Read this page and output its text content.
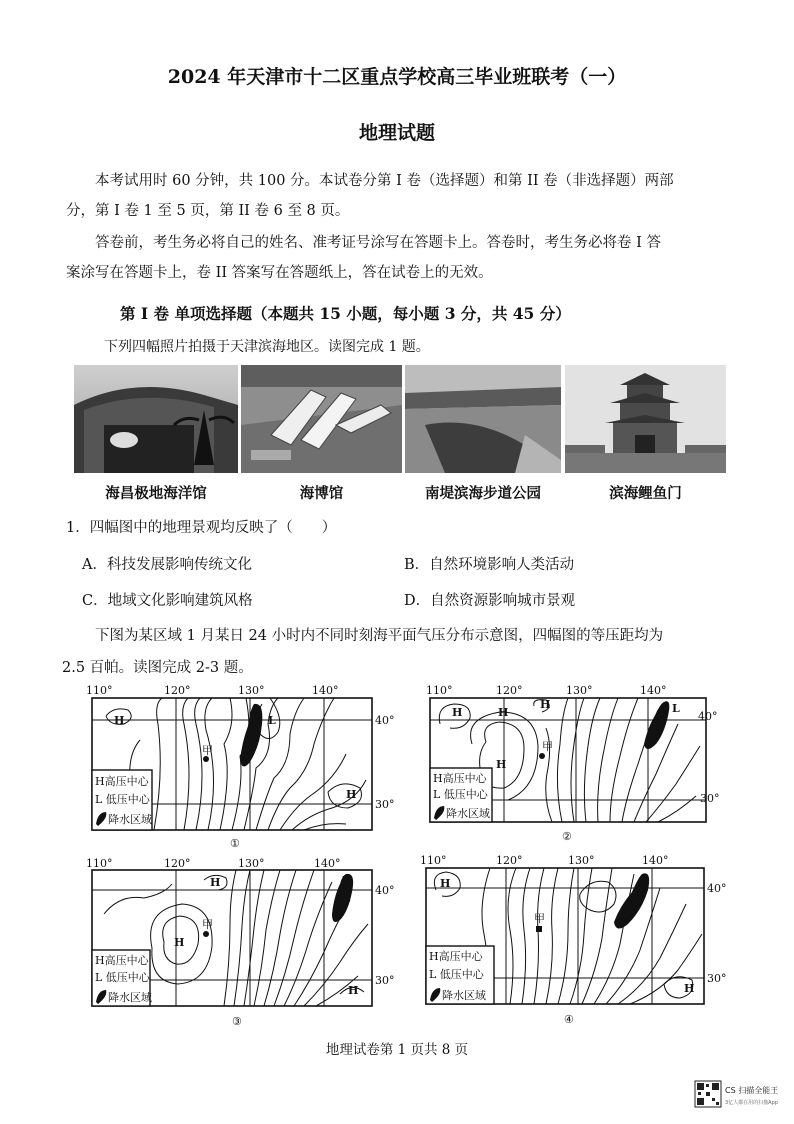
2024 年天津市十二区重点学校高三毕业班联考（一）
地理试题
本考试用时 60 分钟，共 100 分。本试卷分第 I 卷（选择题）和第 II 卷（非选择题）两部
分，第 I 卷 1 至 5 页，第 II 卷 6 至 8 页。
答卷前，考生务必将自己的姓名、准考证号涂写在答题卡上。答卷时，考生务必将卷 I 答
案涂写在答题卡上，卷 II 答案写在答题纸上，答在试卷上的无效。
第 I 卷 单项选择题（本题共 15 小题，每小题 3 分，共 45 分）
下列四幅照片拍摄于天津滨海地区。读图完成 1 题。
海昌极地海洋馆	海博馆	南堤滨海步道公园	滨海鲤鱼门
1．四幅图中的地理景观均反映了（　　）
A．科技发展影响传统文化	B．自然环境影响人类活动
C．地域文化影响建筑风格	D．自然资源影响城市景观
下图为某区域 1 月某日 24 小时内不同时刻海平面气压分布示意图，四幅图的等压距均为
2.5 百帕。读图完成 2-3 题。
110°	120°	130°	140°
40°
30°
H	L
H
甲
H高压中心
L 低压中心
降水区域
①
110°	120°	130°	140°
40°
30°
H	H
H
H
L
甲
H高压中心
L 低压中心
降水区域
②
110°	120°	130°	140°
40°
30°
H	L
H
H
甲
H高压中心
L 低压中心
降水区域
③
110°	120°	130°	140°
40°
30°
H
H
甲
H高压中心
L 低压中心
降水区域
④
地理试卷第 1 页共 8 页
CS 扫描全能王
3亿人都在用的扫描App
